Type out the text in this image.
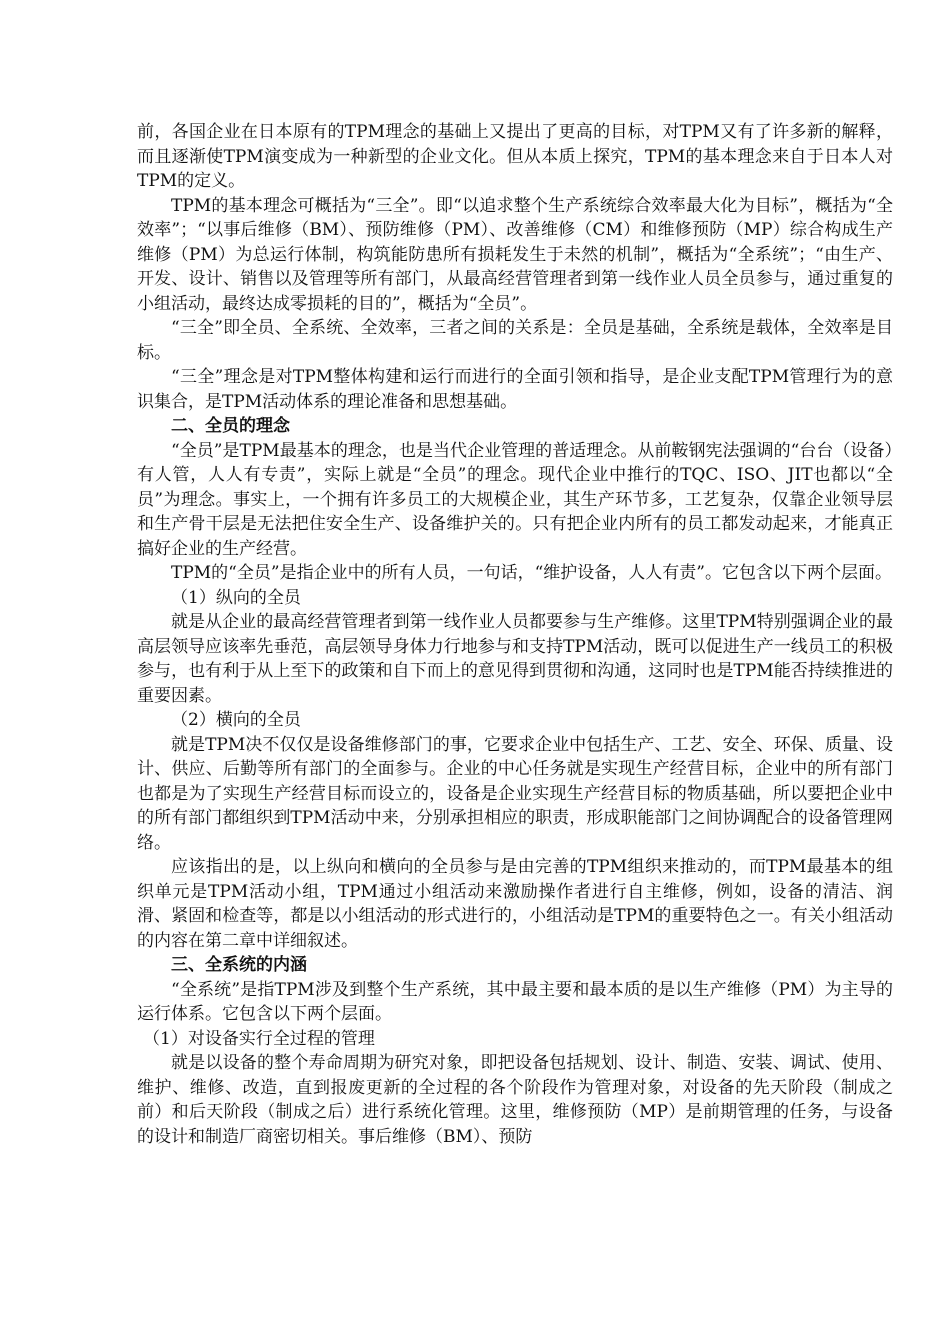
前，各国企业在日本原有的TPM理念的基础上又提出了更高的目标，对TPM又有了许多新的解释，而且逐渐使TPM演变成为一种新型的企业文化。但从本质上探究，TPM的基本理念来自于日本人对TPM的定义。

TPM的基本理念可概括为“三全”。即“以追求整个生产系统综合效率最大化为目标”，概括为“全效率”；“以事后维修（BM）、预防维修（PM）、改善维修（CM）和维修预防（MP）综合构成生产维修（PM）为总运行体制，构筑能防患所有损耗发生于未然的机制”，概括为“全系统”；“由生产、开发、设计、销售以及管理等所有部门，从最高经营管理者到第一线作业人员全员参与，通过重复的小组活动，最终达成零损耗的目的”，概括为“全员”。

“三全”即全员、全系统、全效率，三者之间的关系是：全员是基础，全系统是载体，全效率是目标。

“三全”理念是对TPM整体构建和运行而进行的全面引领和指导，是企业支配TPM管理行为的意识集合，是TPM活动体系的理论准备和思想基础。

二、全员的理念

“全员”是TPM最基本的理念，也是当代企业管理的普适理念。从前鞍钢宪法强调的“台台（设备）有人管，人人有专责”，实际上就是“全员”的理念。现代企业中推行的TQC、ISO、JIT也都以“全员”为理念。事实上，一个拥有许多员工的大规模企业，其生产环节多，工艺复杂，仅靠企业领导层和生产骨干层是无法把住安全生产、设备维护关的。只有把企业内所有的员工都发动起来，才能真正搞好企业的生产经营。

TPM的“全员”是指企业中的所有人员，一句话，“维护设备，人人有责”。它包含以下两个层面。

（1）纵向的全员

就是从企业的最高经营管理者到第一线作业人员都要参与生产维修。这里TPM特别强调企业的最高层领导应该率先垂范，高层领导身体力行地参与和支持TPM活动，既可以促进生产一线员工的积极参与，也有利于从上至下的政策和自下而上的意见得到贯彻和沟通，这同时也是TPM能否持续推进的重要因素。

（2）横向的全员

就是TPM决不仅仅是设备维修部门的事，它要求企业中包括生产、工艺、安全、环保、质量、设计、供应、后勤等所有部门的全面参与。企业的中心任务就是实现生产经营目标，企业中的所有部门也都是为了实现生产经营目标而设立的，设备是企业实现生产经营目标的物质基础，所以要把企业中的所有部门都组织到TPM活动中来，分别承担相应的职责，形成职能部门之间协调配合的设备管理网络。

应该指出的是，以上纵向和横向的全员参与是由完善的TPM组织来推动的，而TPM最基本的组织单元是TPM活动小组，TPM通过小组活动来激励操作者进行自主维修，例如，设备的清洁、润滑、紧固和检查等，都是以小组活动的形式进行的，小组活动是TPM的重要特色之一。有关小组活动的内容在第二章中详细叙述。

三、全系统的内涵

“全系统”是指TPM涉及到整个生产系统，其中最主要和最本质的是以生产维修（PM）为主导的运行体系。它包含以下两个层面。

（1）对设备实行全过程的管理

就是以设备的整个寿命周期为研究对象，即把设备包括规划、设计、制造、安装、调试、使用、维护、维修、改造，直到报废更新的全过程的各个阶段作为管理对象，对设备的先天阶段（制成之前）和后天阶段（制成之后）进行系统化管理。这里，维修预防（MP）是前期管理的任务，与设备的设计和制造厂商密切相关。事后维修（BM）、预防
